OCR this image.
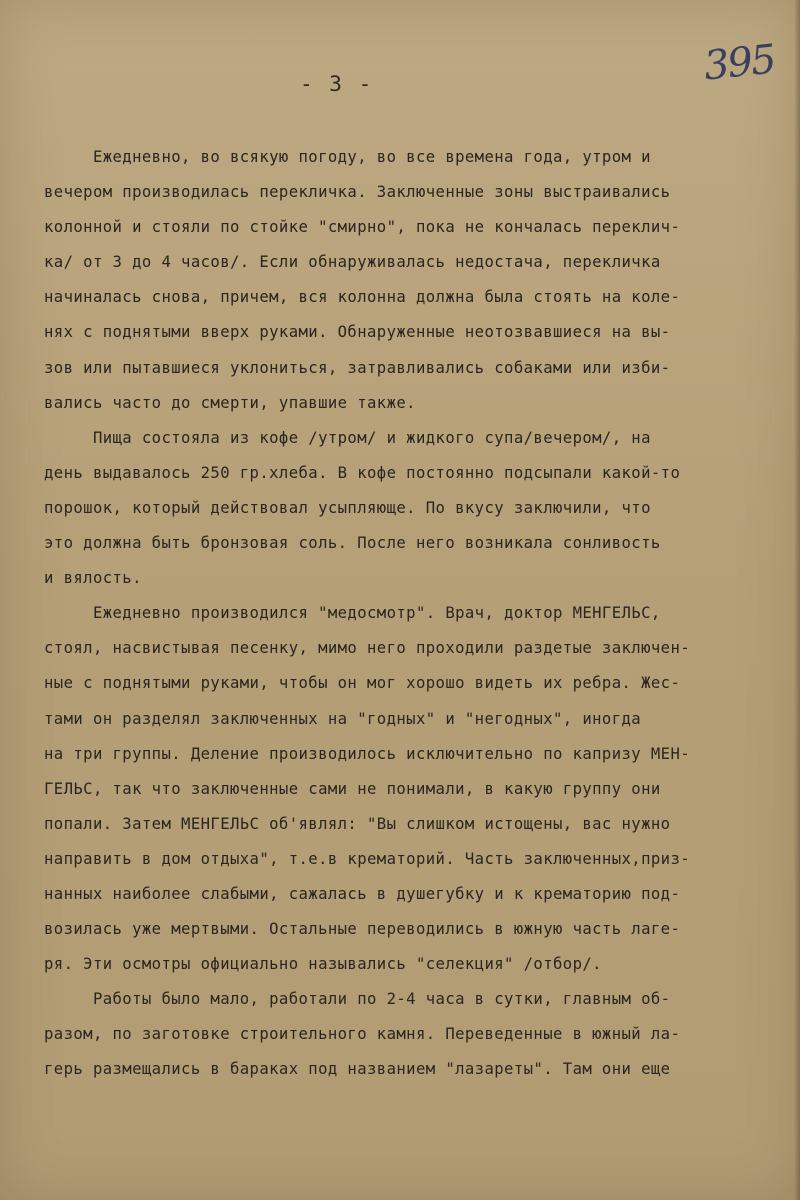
- 3 -	395
Ежедневно, во всякую погоду, во все времена года, утром и
вечером производилась перекличка. Заключенные зоны выстраивались
колонной и стояли по стойке "смирно", пока не кончалась переклич-
ка/ от 3 до 4 часов/. Если обнаруживалась недостача, перекличка
начиналась снова, причем, вся колонна должна была стоять на коле-
нях с поднятыми вверх руками. Обнаруженные неотозвавшиеся на вы-
зов или пытавшиеся уклониться, затравливались собаками или изби-
вались часто до смерти, упавшие также.
Пища состояла из кофе /утром/ и жидкого супа/вечером/, на
день выдавалось 250 гр.хлеба. В кофе постоянно подсыпали какой-то
порошок, который действовал усыпляюще. По вкусу заключили, что
это должна быть бронзовая соль. После него возникала сонливость
и вялость.
Ежедневно производился "медосмотр". Врач, доктор МЕНГЕЛЬС,
стоял, насвистывая песенку, мимо него проходили раздетые заключен-
ные с поднятыми руками, чтобы он мог хорошо видеть их ребра. Жес-
тами он разделял заключенных на "годных" и "негодных", иногда
на три группы. Деление производилось исключительно по капризу МЕН-
ГЕЛЬС, так что заключенные сами не понимали, в какую группу они
попали. Затем МЕНГЕЛЬС об'являл: "Вы слишком истощены, вас нужно
направить в дом отдыха", т.е.в крематорий. Часть заключенных,приз-
нанных наиболее слабыми, сажалась в душегубку и к крематорию под-
возилась уже мертвыми. Остальные переводились в южную часть лаге-
ря. Эти осмотры официально назывались "селекция" /отбор/.
Работы было мало, работали по 2-4 часа в сутки, главным об-
разом, по заготовке строительного камня. Переведенные в южный ла-
герь размещались в бараках под названием "лазареты". Там они еще
